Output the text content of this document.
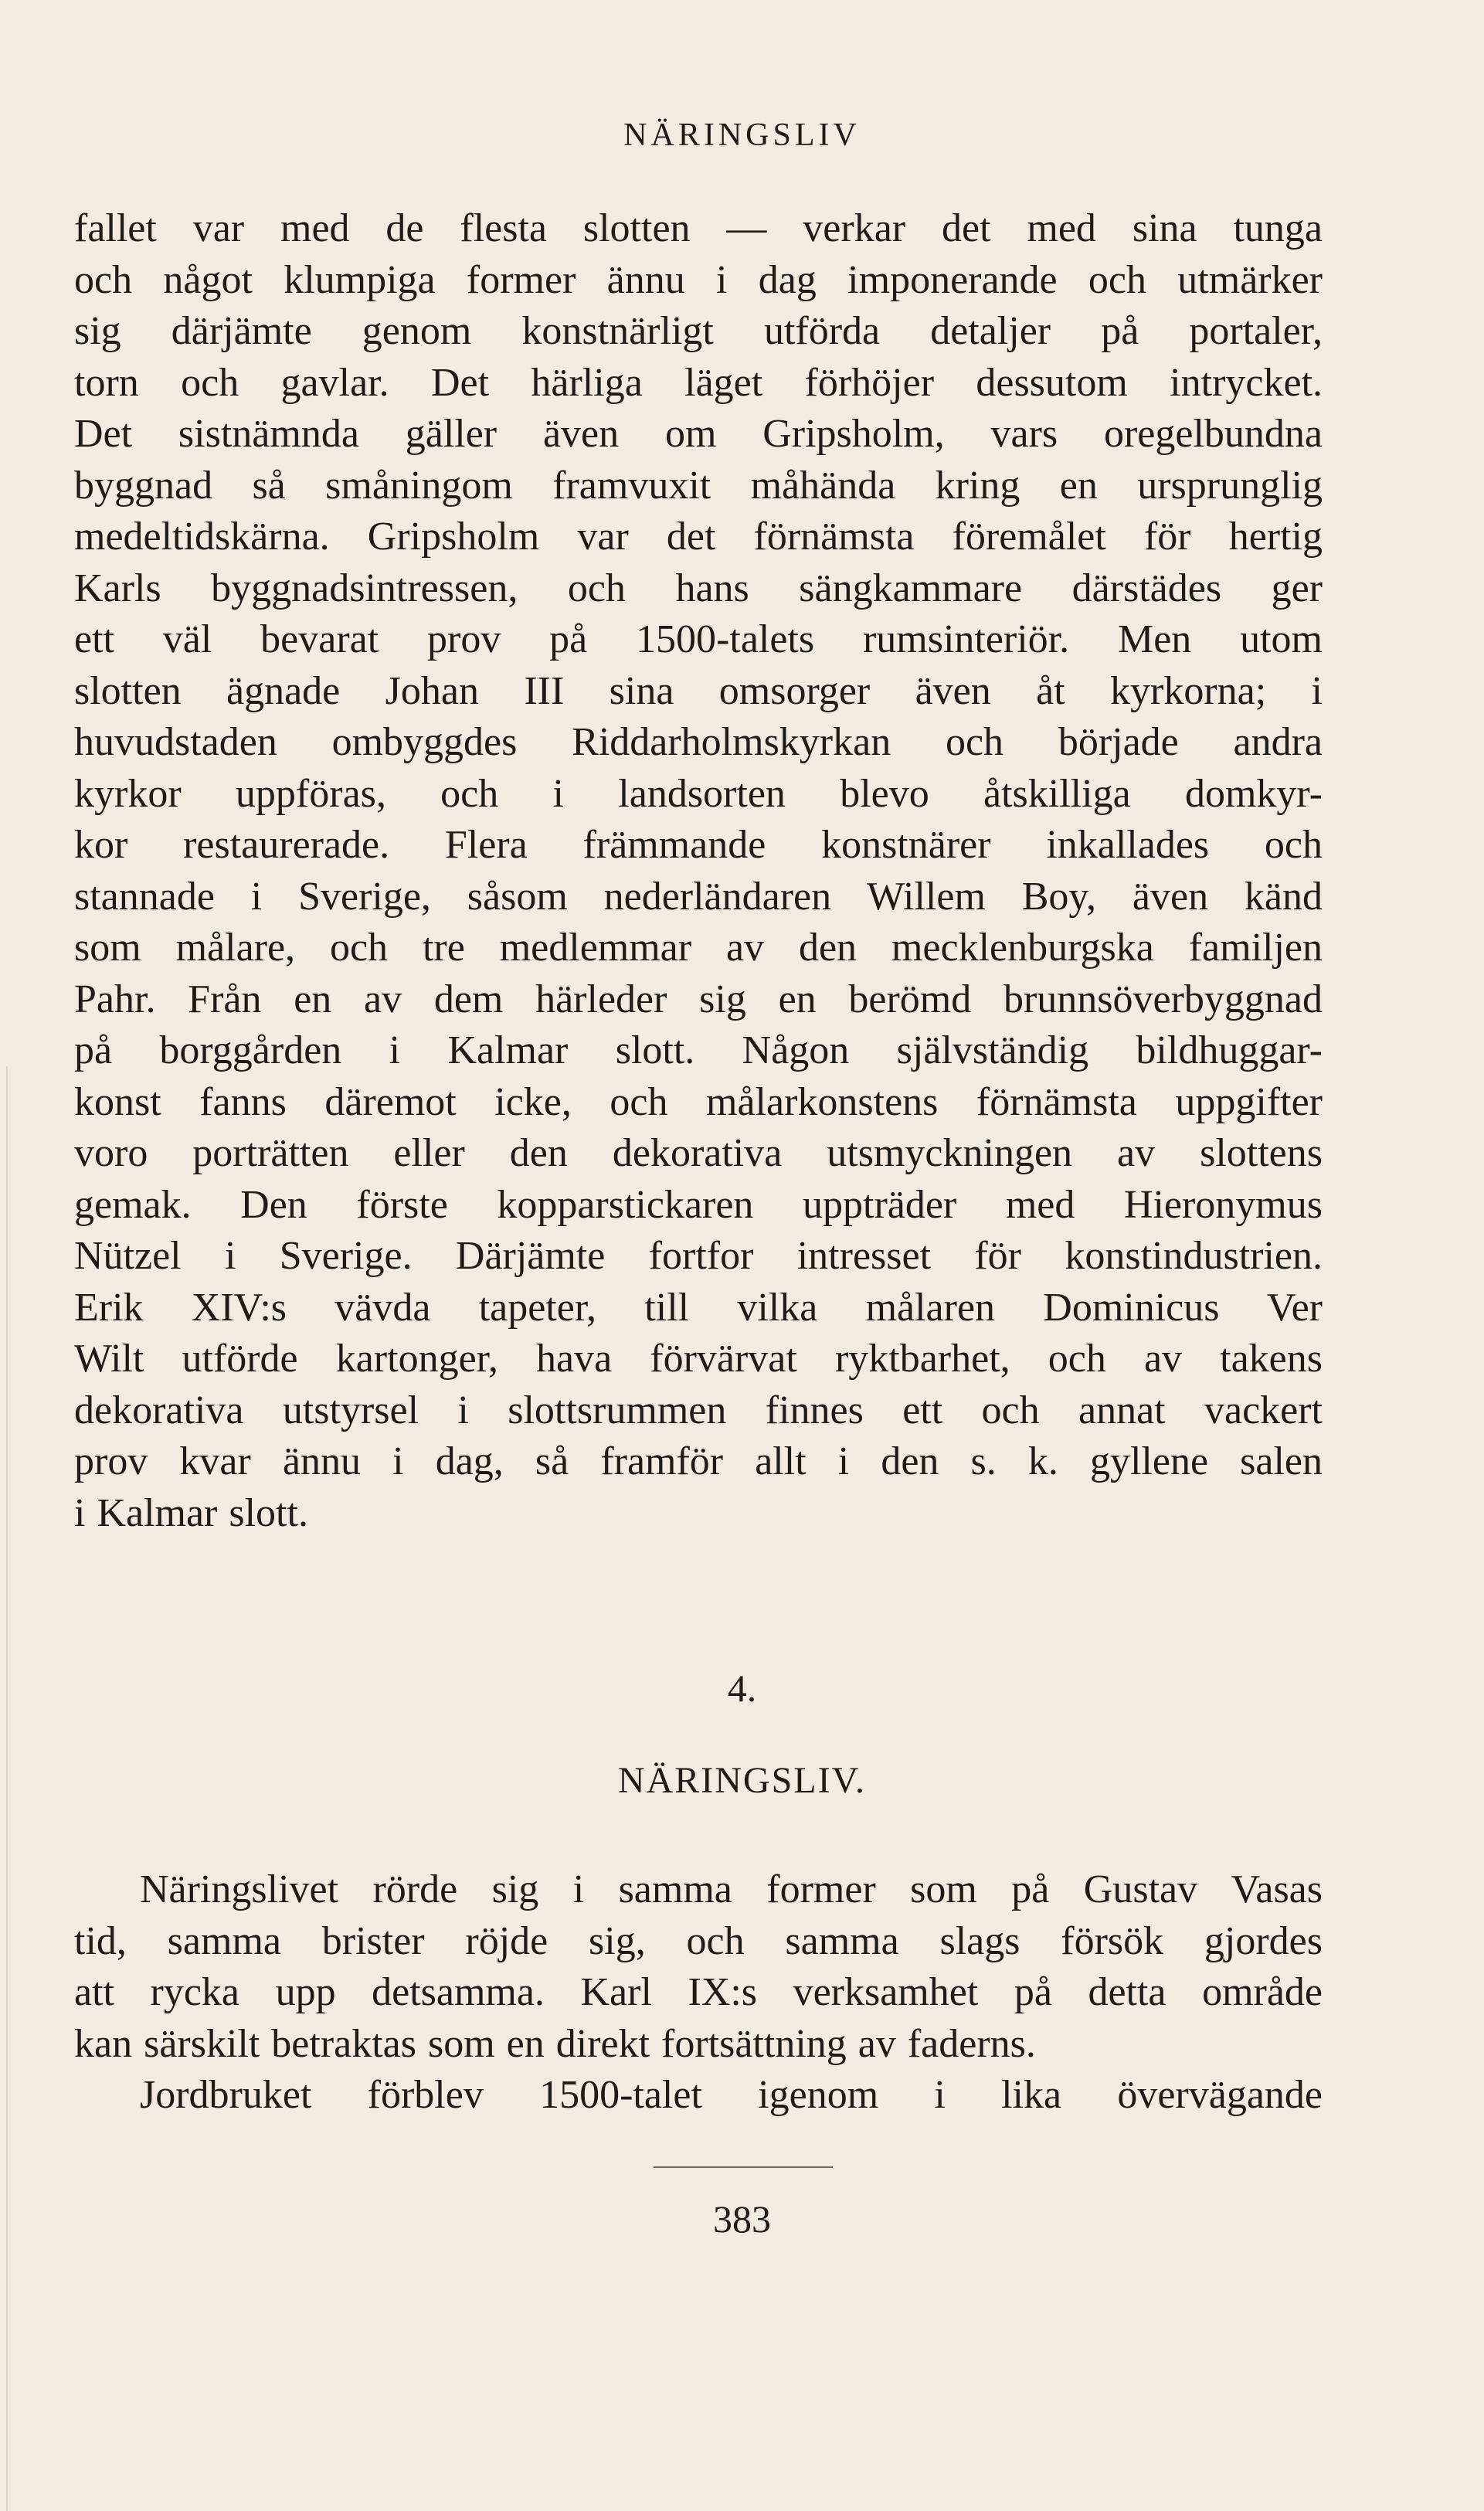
NÄRINGSLIV
fallet var med de flesta slotten — verkar det med sina tunga
och något klumpiga former ännu i dag imponerande och utmärker
sig därjämte genom konstnärligt utförda detaljer på portaler,
torn och gavlar. Det härliga läget förhöjer dessutom intrycket.
Det sistnämnda gäller även om Gripsholm, vars oregelbundna
byggnad så småningom framvuxit måhända kring en ursprunglig
medeltidskärna. Gripsholm var det förnämsta föremålet för hertig
Karls byggnadsintressen, och hans sängkammare därstädes ger
ett väl bevarat prov på 1500-talets rumsinteriör. Men utom
slotten ägnade Johan III sina omsorger även åt kyrkorna; i
huvudstaden ombyggdes Riddarholmskyrkan och började andra
kyrkor uppföras, och i landsorten blevo åtskilliga domkyr-
kor restaurerade. Flera främmande konstnärer inkallades och
stannade i Sverige, såsom nederländaren Willem Boy, även känd
som målare, och tre medlemmar av den mecklenburgska familjen
Pahr. Från en av dem härleder sig en berömd brunnsöverbyggnad
på borggården i Kalmar slott. Någon självständig bildhuggar-
konst fanns däremot icke, och målarkonstens förnämsta uppgifter
voro porträtten eller den dekorativa utsmyckningen av slottens
gemak. Den förste kopparstickaren uppträder med Hieronymus
Nützel i Sverige. Därjämte fortfor intresset för konstindustrien.
Erik XIV:s vävda tapeter, till vilka målaren Dominicus Ver
Wilt utförde kartonger, hava förvärvat ryktbarhet, och av takens
dekorativa utstyrsel i slottsrummen finnes ett och annat vackert
prov kvar ännu i dag, så framför allt i den s. k. gyllene salen
i Kalmar slott.
4.
NÄRINGSLIV.
Näringslivet rörde sig i samma former som på Gustav Vasas
tid, samma brister röjde sig, och samma slags försök gjordes
att rycka upp detsamma. Karl IX:s verksamhet på detta område
kan särskilt betraktas som en direkt fortsättning av faderns.
Jordbruket förblev 1500-talet igenom i lika övervägande
383
